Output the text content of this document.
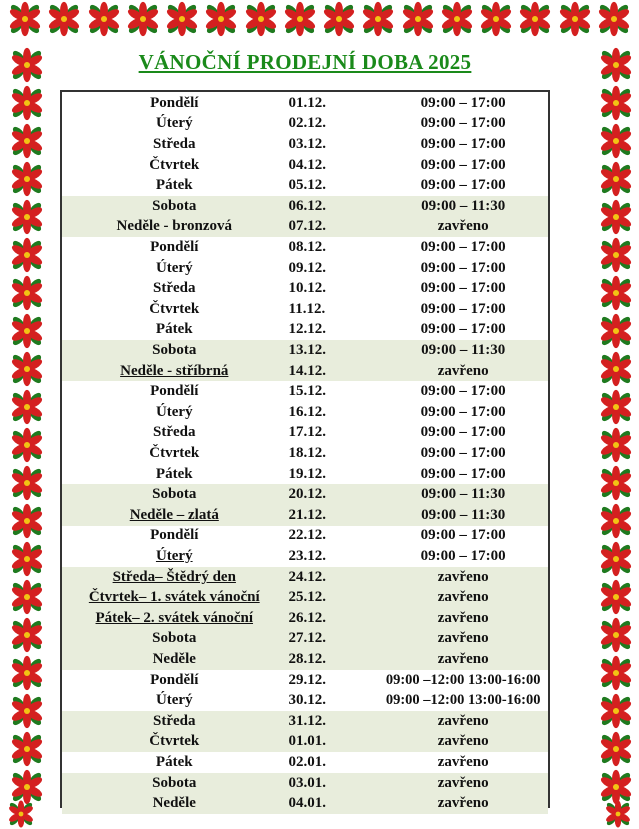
VÁNOČNÍ PRODEJNÍ DOBA 2025
Pondělí	01.12.	09:00 – 17:00
Úterý	02.12.	09:00 – 17:00
Středa	03.12.	09:00 – 17:00
Čtvrtek	04.12.	09:00 – 17:00
Pátek	05.12.	09:00 – 17:00
Sobota	06.12.	09:00 – 11:30
Neděle - bronzová	07.12.	zavřeno
Pondělí	08.12.	09:00 – 17:00
Úterý	09.12.	09:00 – 17:00
Středa	10.12.	09:00 – 17:00
Čtvrtek	11.12.	09:00 – 17:00
Pátek	12.12.	09:00 – 17:00
Sobota	13.12.	09:00 – 11:30
Neděle - stříbrná	14.12.	zavřeno
Pondělí	15.12.	09:00 – 17:00
Úterý	16.12.	09:00 – 17:00
Středa	17.12.	09:00 – 17:00
Čtvrtek	18.12.	09:00 – 17:00
Pátek	19.12.	09:00 – 17:00
Sobota	20.12.	09:00 – 11:30
Neděle – zlatá	21.12.	09:00 – 11:30
Pondělí	22.12.	09:00 – 17:00
Úterý	23.12.	09:00 – 17:00
Středa– Štědrý den	24.12.	zavřeno
Čtvrtek– 1. svátek vánoční	25.12.	zavřeno
Pátek– 2. svátek vánoční	26.12.	zavřeno
Sobota	27.12.	zavřeno
Neděle	28.12.	zavřeno
Pondělí	29.12.	09:00 –12:00 13:00-16:00
Úterý	30.12.	09:00 –12:00 13:00-16:00
Středa	31.12.	zavřeno
Čtvrtek	01.01.	zavřeno
Pátek	02.01.	zavřeno
Sobota	03.01.	zavřeno
Neděle	04.01.	zavřeno
